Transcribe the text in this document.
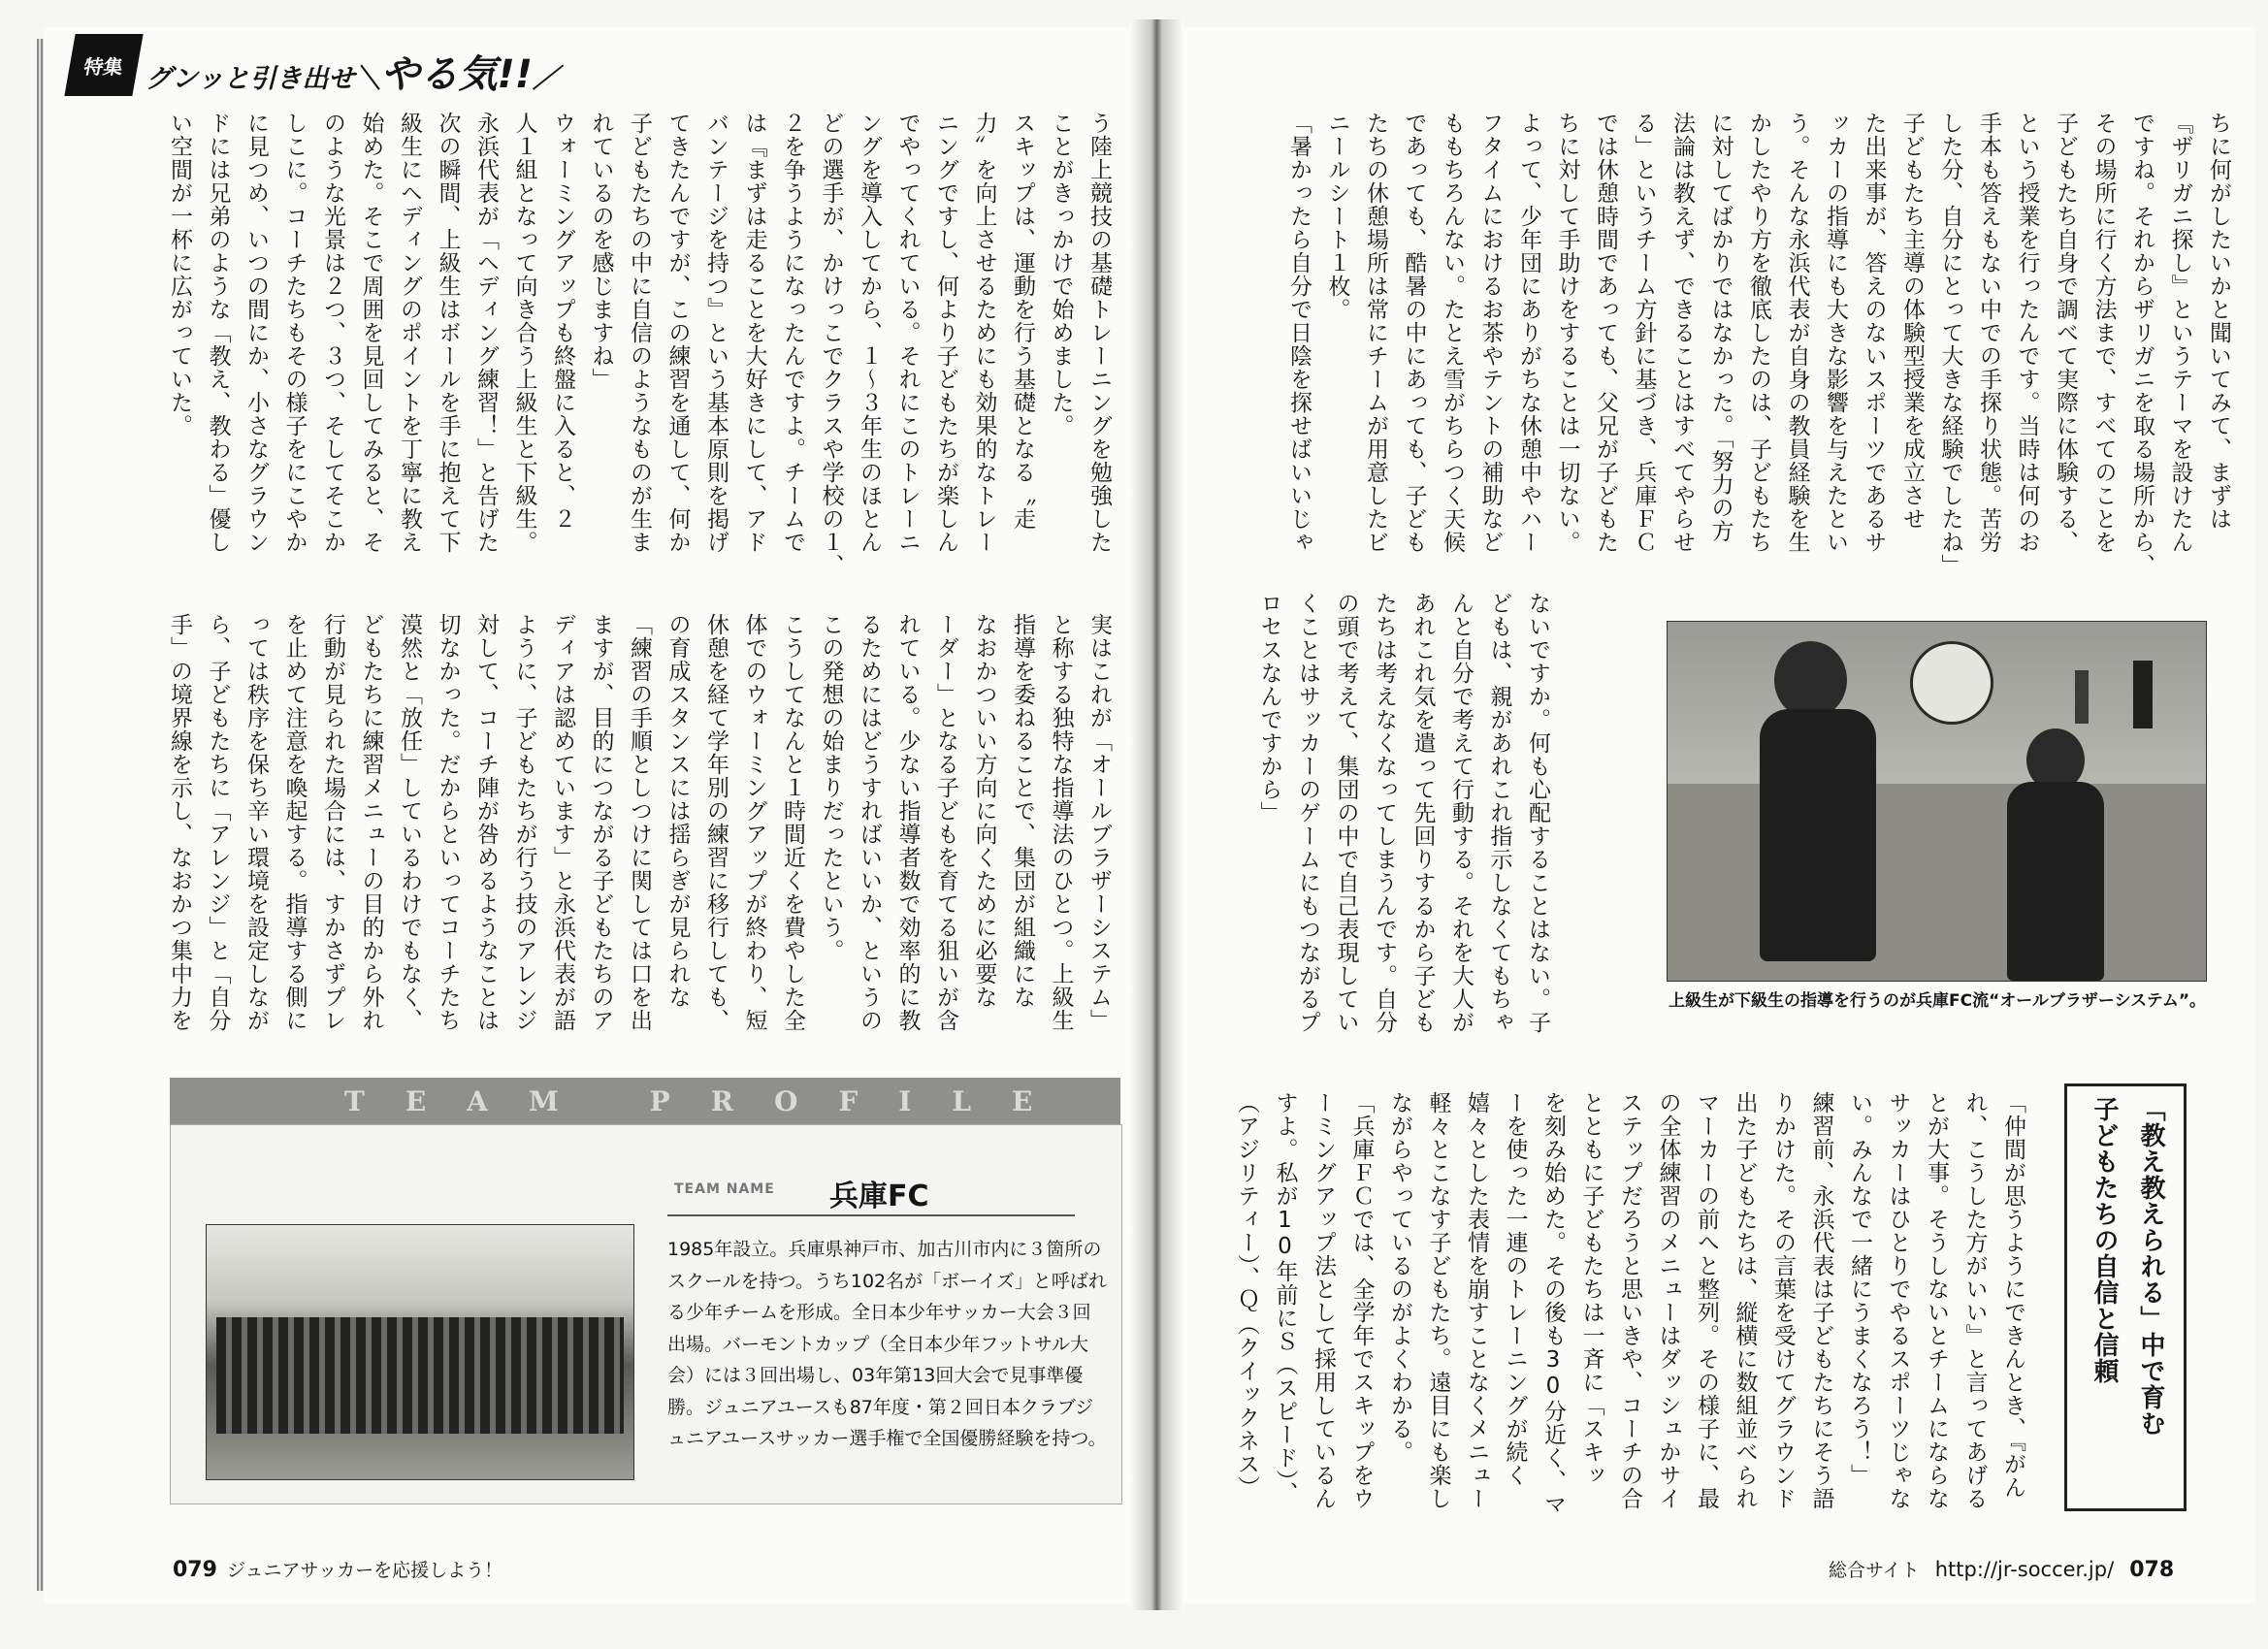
特集 グンッと引き出せ＼やる気!!／
ちに何がしたいかと聞いてみて、まずは
『ザリガニ探し』というテーマを設けたん
ですね。それからザリガニを取る場所から、
その場所に行く方法まで、すべてのことを
子どもたち自身で調べて実際に体験する、
という授業を行ったんです。当時は何のお
手本も答えもない中での手探り状態。苦労
した分、自分にとって大きな経験でしたね」
子どもたち主導の体験型授業を成立させ
た出来事が、答えのないスポーツであるサ
ッカーの指導にも大きな影響を与えたとい
う。そんな永浜代表が自身の教員経験を生
かしたやり方を徹底したのは、子どもたち
に対してばかりではなかった。「努力の方
法論は教えず、できることはすべてやらせ
る」というチーム方針に基づき、兵庫ＦＣ
では休憩時間であっても、父兄が子どもた
ちに対して手助けをすることは一切ない。
よって、少年団にありがちな休憩中やハー
フタイムにおけるお茶やテントの補助など
ももちろんない。たとえ雪がちらつく天候
であっても、酷暑の中にあっても、子ども
たちの休憩場所は常にチームが用意したビ
ニールシート１枚。
「暑かったら自分で日陰を探せばいいじゃ
ないですか。何も心配することはない。子
どもは、親があれこれ指示しなくてもちゃ
んと自分で考えて行動する。それを大人が
あれこれ気を遣って先回りするから子ども
たちは考えなくなってしまうんです。自分
の頭で考えて、集団の中で自己表現してい
くことはサッカーのゲームにもつながるプ
ロセスなんですから」
「仲間が思うようにできんとき、『がん
れ、こうした方がいい』と言ってあげる
とが大事。そうしないとチームにならな
サッカーはひとりでやるスポーツじゃな
い。みんなで一緒にうまくなろう！」
練習前、永浜代表は子どもたちにそう語
りかけた。その言葉を受けてグラウンド
出た子どもたちは、縦横に数組並べられ
マーカーの前へと整列。その様子に、最
の全体練習のメニューはダッシュかサイ
ステップだろうと思いきや、コーチの合
とともに子どもたちは一斉に「スキッ
を刻み始めた。その後も30分近く、マ
ーを使った一連のトレーニングが続く
嬉々とした表情を崩すことなくメニュー
軽々とこなす子どもたち。遠目にも楽し
ながらやっているのがよくわかる。
「兵庫ＦＣでは、全学年でスキップをウ
ーミングアップ法として採用しているん
すよ。私が10年前にＳ（スピード）、
（アジリティー）、Ｑ（クイックネス）
上級生が下級生の指導を行うのが兵庫FC流“オールブラザーシステム”。
「教え教えられる」中で育む
子どもたちの自信と信頼
う陸上競技の基礎トレーニングを勉強した
ことがきっかけで始めました。
スキップは、運動を行う基礎となる〝走
力〟を向上させるためにも効果的なトレー
ニングですし、何より子どもたちが楽しん
でやってくれている。それにこのトレーニ
ングを導入してから、１～３年生のほとん
どの選手が、かけっこでクラスや学校の１、
２を争うようになったんですよ。チームで
は『まずは走ることを大好きにして、アド
バンテージを持つ』という基本原則を掲げ
てきたんですが、この練習を通して、何か
子どもたちの中に自信のようなものが生ま
れているのを感じますね」
ウォーミングアップも終盤に入ると、２
人１組となって向き合う上級生と下級生。
永浜代表が「ヘディング練習！」と告げた
次の瞬間、上級生はボールを手に抱えて下
級生にヘディングのポイントを丁寧に教え
始めた。そこで周囲を見回してみると、そ
のような光景は２つ、３つ、そしてそこか
しこに。コーチたちもその様子をにこやか
に見つめ、いつの間にか、小さなグラウン
ドには兄弟のような「教え、教わる」優し
い空間が一杯に広がっていた。
実はこれが「オールブラザーシステム」
と称する独特な指導法のひとつ。上級生
指導を委ねることで、集団が組織にな
なおかついい方向に向くために必要な
ーダー」となる子どもを育てる狙いが含
れている。少ない指導者数で効率的に教
るためにはどうすればいいか、というの
この発想の始まりだったという。
こうしてなんと１時間近くを費やした全
体でのウォーミングアップが終わり、短
休憩を経て学年別の練習に移行しても、
の育成スタンスには揺らぎが見られな
「練習の手順としつけに関しては口を出
ますが、目的につながる子どもたちのア
ディアは認めています」と永浜代表が語
ように、子どもたちが行う技のアレンジ
対して、コーチ陣が咎めるようなことは
切なかった。だからといってコーチたち
漠然と「放任」しているわけでもなく、
どもたちに練習メニューの目的から外れ
行動が見られた場合には、すかさずプレ
を止めて注意を喚起する。指導する側に
っては秩序を保ち辛い環境を設定しなが
ら、子どもたちに「アレンジ」と「自分
手」の境界線を示し、なおかつ集中力を
TEAM PROFILE
TEAM NAME 兵庫FC
1985年設立。兵庫県神戸市、加古川市内に３箇所のスクールを持つ。うち102名が「ボーイズ」と呼ばれる少年チームを形成。全日本少年サッカー大会３回出場。バーモントカップ（全日本少年フットサル大会）には３回出場し、03年第13回大会で見事準優勝。ジュニアユースも87年度・第２回日本クラブジュニアユースサッカー選手権で全国優勝経験を持つ。
079 ジュニアサッカーを応援しよう！	総合サイト http://jr-soccer.jp/ 078
